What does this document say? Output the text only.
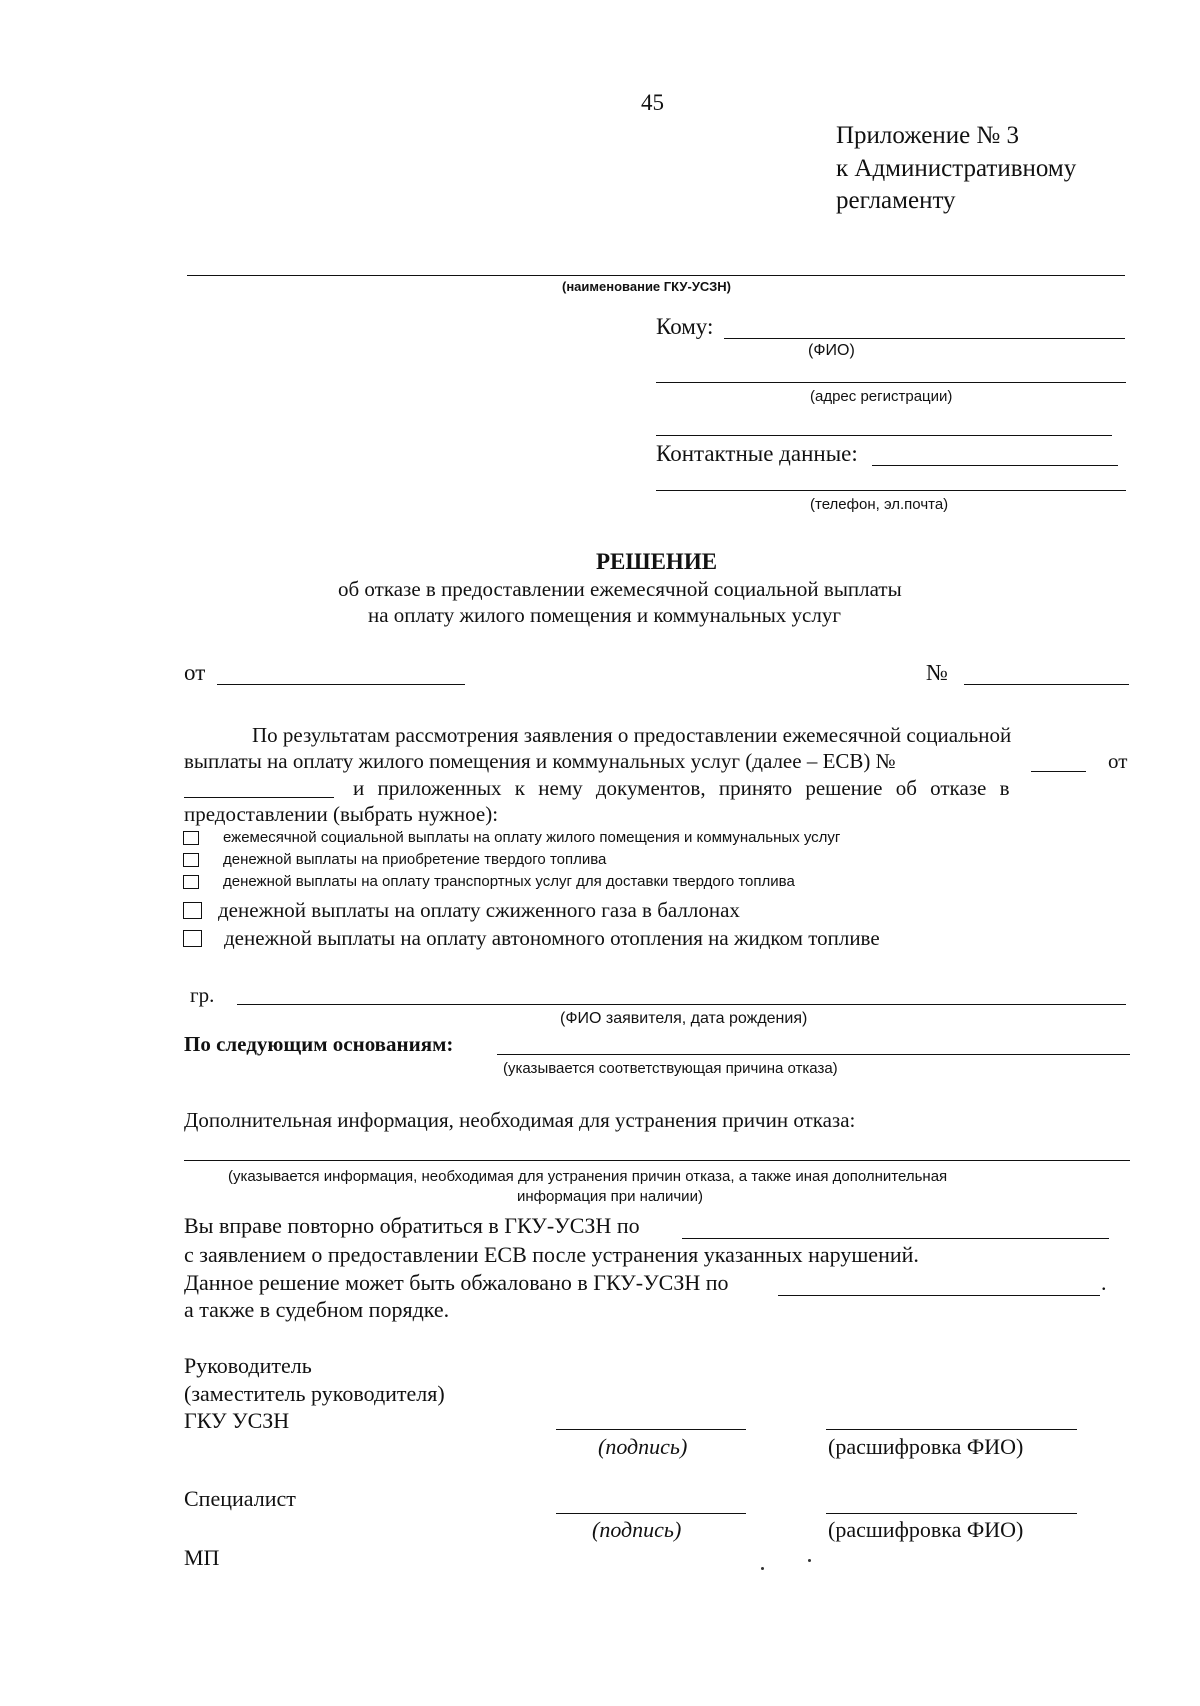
45
Приложение № 3
к Административному
регламенту
(наименование ГКУ-УСЗН)
Кому:
(ФИО)
(адрес регистрации)
Контактные данные:
(телефон, эл.почта)
РЕШЕНИЕ
об отказе в предоставлении ежемесячной социальной выплаты
на оплату жилого помещения и коммунальных услуг
от	№
По результатам рассмотрения заявления о предоставлении ежемесячной социальной
выплаты на оплату жилого помещения и коммунальных услуг (далее – ЕСВ) №	от
и приложенных к нему документов, принято решение об отказе в
предоставлении (выбрать нужное):
ежемесячной социальной выплаты на оплату жилого помещения и коммунальных услуг
денежной выплаты на приобретение твердого топлива
денежной выплаты на оплату транспортных услуг для доставки твердого топлива
денежной выплаты на оплату сжиженного газа в баллонах
денежной выплаты на оплату автономного отопления на жидком топливе
гр.
(ФИО заявителя, дата рождения)
По следующим основаниям:
(указывается соответствующая причина отказа)
Дополнительная информация, необходимая для устранения причин отказа:
(указывается информация, необходимая для устранения причин отказа, а также иная дополнительная
информация при наличии)
Вы вправе повторно обратиться в ГКУ-УСЗН по
с заявлением о предоставлении ЕСВ после устранения указанных нарушений.
Данное решение может быть обжаловано в ГКУ-УСЗН по	.
а также в судебном порядке.
Руководитель
(заместитель руководителя)
ГКУ УСЗН
(подпись)	(расшифровка ФИО)
Специалист
(подпись)	(расшифровка ФИО)
МП
